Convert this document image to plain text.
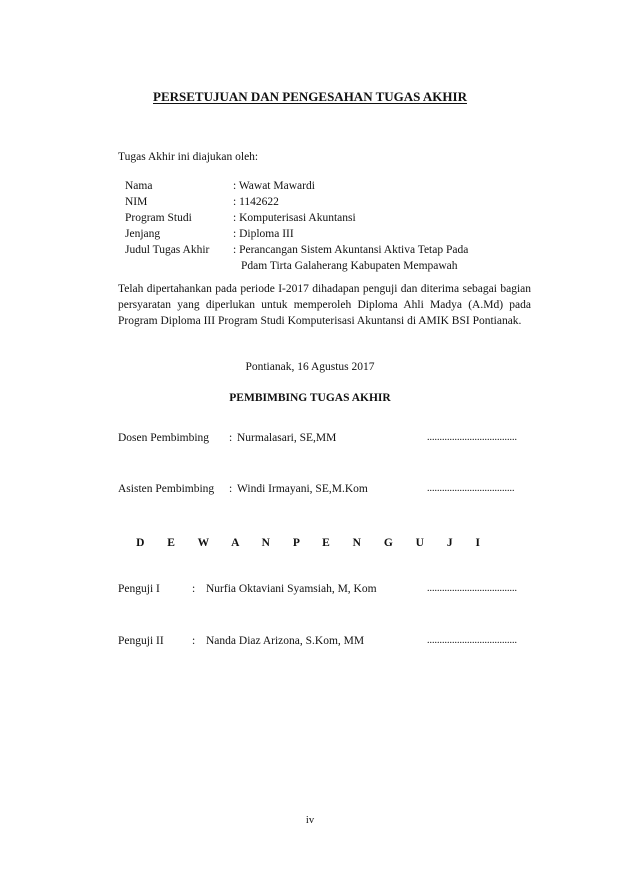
PERSETUJUAN DAN PENGESAHAN TUGAS AKHIR
Tugas Akhir ini diajukan oleh:
Nama	: Wawat Mawardi
NIM	: 1142622
Program Studi	: Komputerisasi Akuntansi
Jenjang	: Diploma III
Judul Tugas Akhir : Perancangan Sistem Akuntansi Aktiva Tetap Pada
Pdam Tirta Galaherang Kabupaten Mempawah
Telah dipertahankan pada periode I-2017 dihadapan penguji dan diterima sebagai bagian persyaratan yang diperlukan untuk memperoleh Diploma Ahli Madya (A.Md) pada Program Diploma III Program Studi Komputerisasi Akuntansi di AMIK BSI Pontianak.
Pontianak, 16 Agustus 2017
PEMBIMBING TUGAS AKHIR
Dosen Pembimbing : Nurmalasari, SE,MM	....................................
Asisten Pembimbing : Windi Irmayani, SE,M.Kom	...................................
D E W A N P E N G U J I
Penguji I	: Nurfia Oktaviani Syamsiah, M, Kom	....................................
Penguji II : Nanda Diaz Arizona, S.Kom, MM	....................................
iv
